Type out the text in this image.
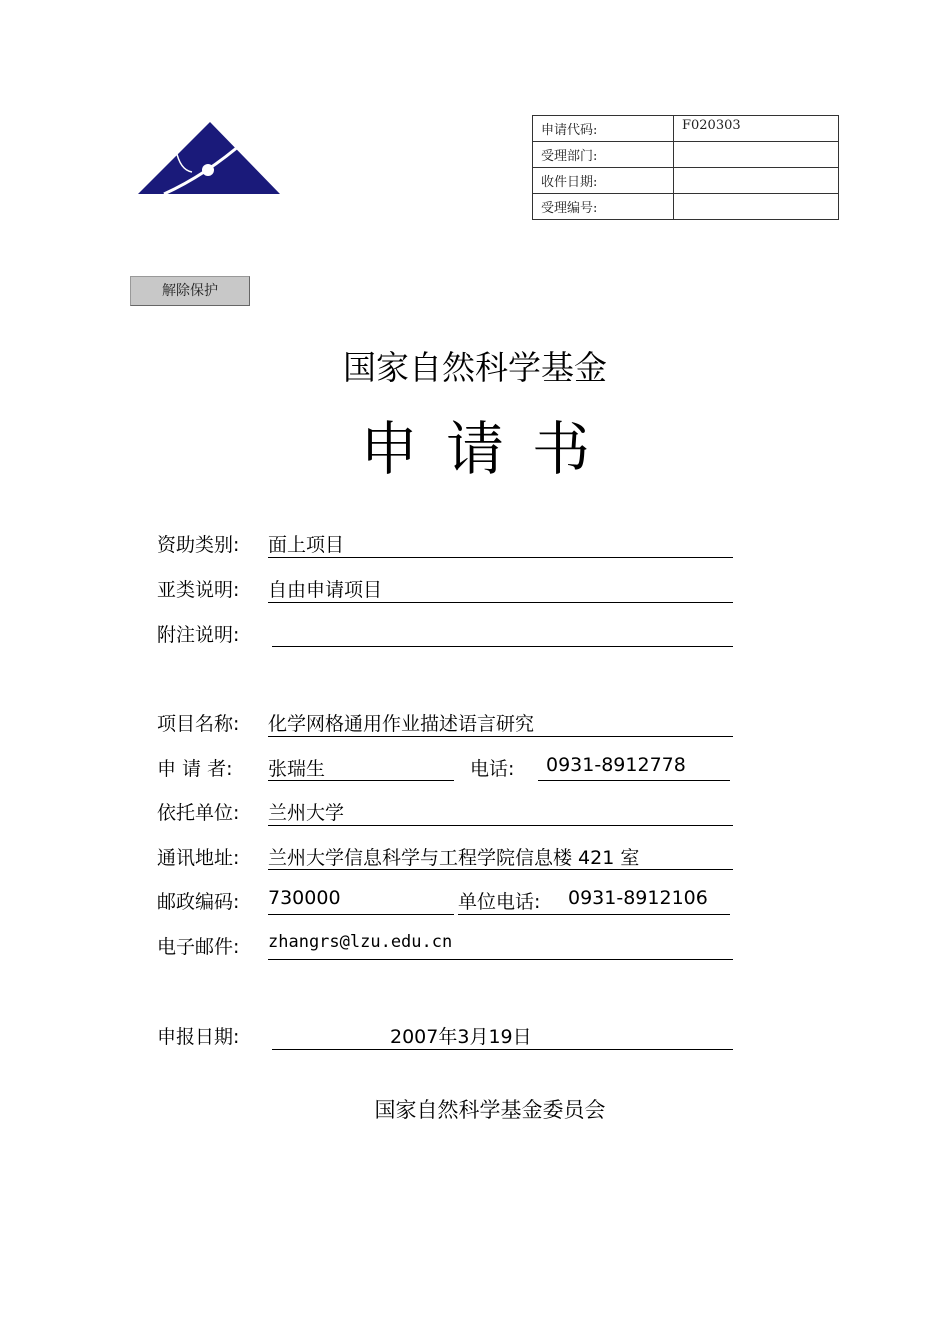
申请代码:	F020303
受理部门:	
收件日期:	
受理编号:	
解除保护
国家自然科学基金
申请书
资助类别: 面上项目
亚类说明: 自由申请项目
附注说明:
项目名称: 化学网格通用作业描述语言研究
申 请 者: 张瑞生	电话: 0931-8912778
依托单位: 兰州大学
通讯地址: 兰州大学信息科学与工程学院信息楼 421 室
邮政编码: 730000	单位电话: 0931-8912106
电子邮件: zhangrs@lzu.edu.cn
申报日期:	2007年3月19日
国家自然科学基金委员会
